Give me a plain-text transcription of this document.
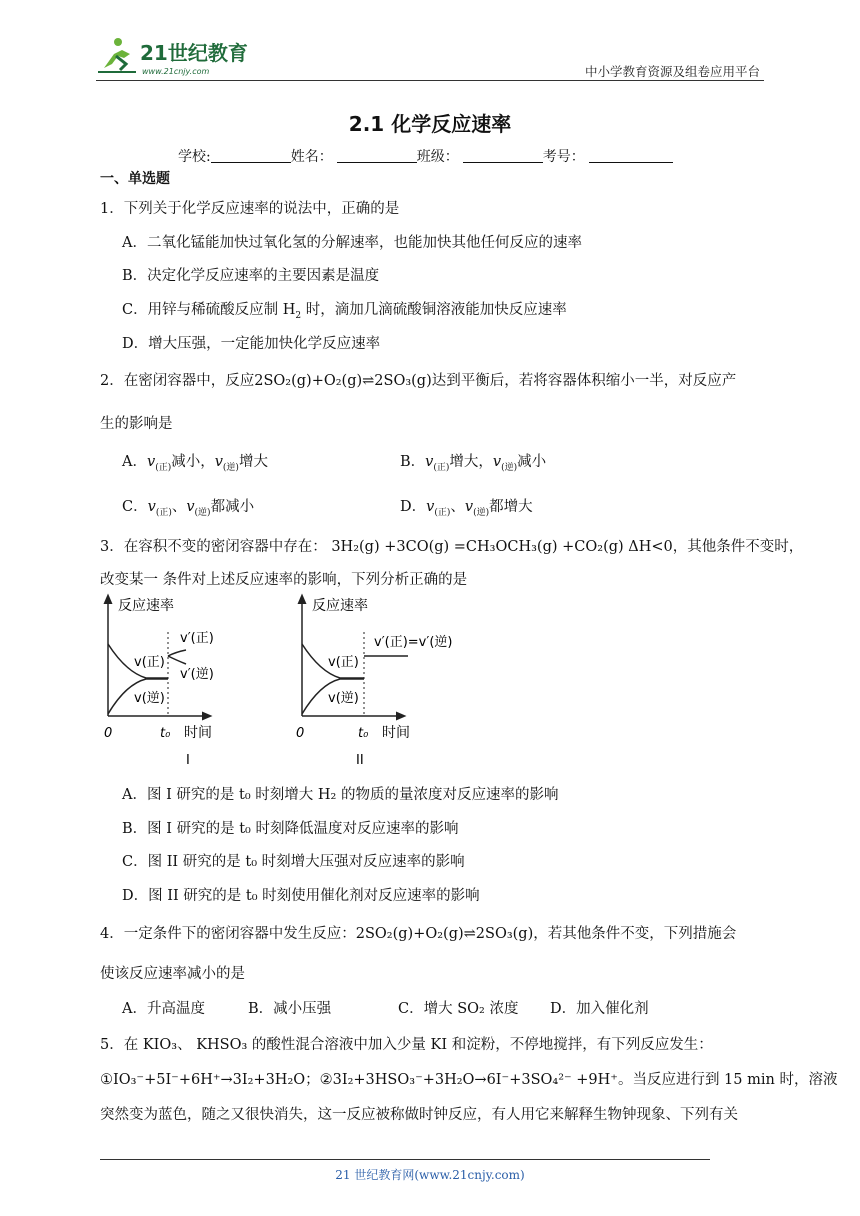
21世纪教育
www.21cnjy.com	中小学教育资源及组卷应用平台
2.1 化学反应速率
学校:	姓名：	班级：	考号：
一、单选题
1．下列关于化学反应速率的说法中，正确的是
A．二氧化锰能加快过氧化氢的分解速率，也能加快其他任何反应的速率
B．决定化学反应速率的主要因素是温度
C．用锌与稀硫酸反应制 $H_2$ 时，滴加几滴硫酸铜溶液能加快反应速率
D．增大压强，一定能加快化学反应速率
2．在密闭容器中，反应2SO₂(g)+O₂(g)⇌2SO₃(g)达到平衡后，若将容器体积缩小一半，对反应产
生的影响是
A．$v_{(正)}$减小，$v_{(逆)}$增大	B．$v_{(正)}$增大，$v_{(逆)}$减小
C．$v_{(正)}$、$v_{(逆)}$都减小	D．$v_{(正)}$、$v_{(逆)}$都增大
3．在容积不变的密闭容器中存在： 3H₂(g) +3CO(g) =CH₃OCH₃(g) +CO₂(g) ΔH<0，其他条件不变时，
改变某一 条件对上述反应速率的影响，下列分析正确的是
反应速率
0	t₀ 时间
I
v(正)
v(逆)
v′(正)
v′(逆)
反应速率
0	t₀ 时间
II
v(正)
v(逆)
v′(正)=v′(逆)
A．图 I 研究的是 t₀ 时刻增大 H₂ 的物质的量浓度对反应速率的影响
B．图 I 研究的是 t₀ 时刻降低温度对反应速率的影响
C．图 II 研究的是 t₀ 时刻增大压强对反应速率的影响
D．图 II 研究的是 t₀ 时刻使用催化剂对反应速率的影响
4．一定条件下的密闭容器中发生反应：2SO₂(g)+O₂(g)⇌2SO₃(g)，若其他条件不变，下列措施会
使该反应速率减小的是
A．升高温度	B．减小压强	C．增大 SO₂ 浓度 D．加入催化剂
5．在 KIO₃、 KHSO₃ 的酸性混合溶液中加入少量 KI 和淀粉，不停地搅拌，有下列反应发生：
①IO₃⁻+5I⁻+6H⁺→3I₂+3H₂O；②3I₂+3HSO₃⁻+3H₂O→6I⁻+3SO₄²⁻ +9H⁺。当反应进行到 15 min 时，溶液
突然变为蓝色，随之又很快消失，这一反应被称做时钟反应，有人用它来解释生物钟现象、下列有关
21 世纪教育网(www.21cnjy.com)
